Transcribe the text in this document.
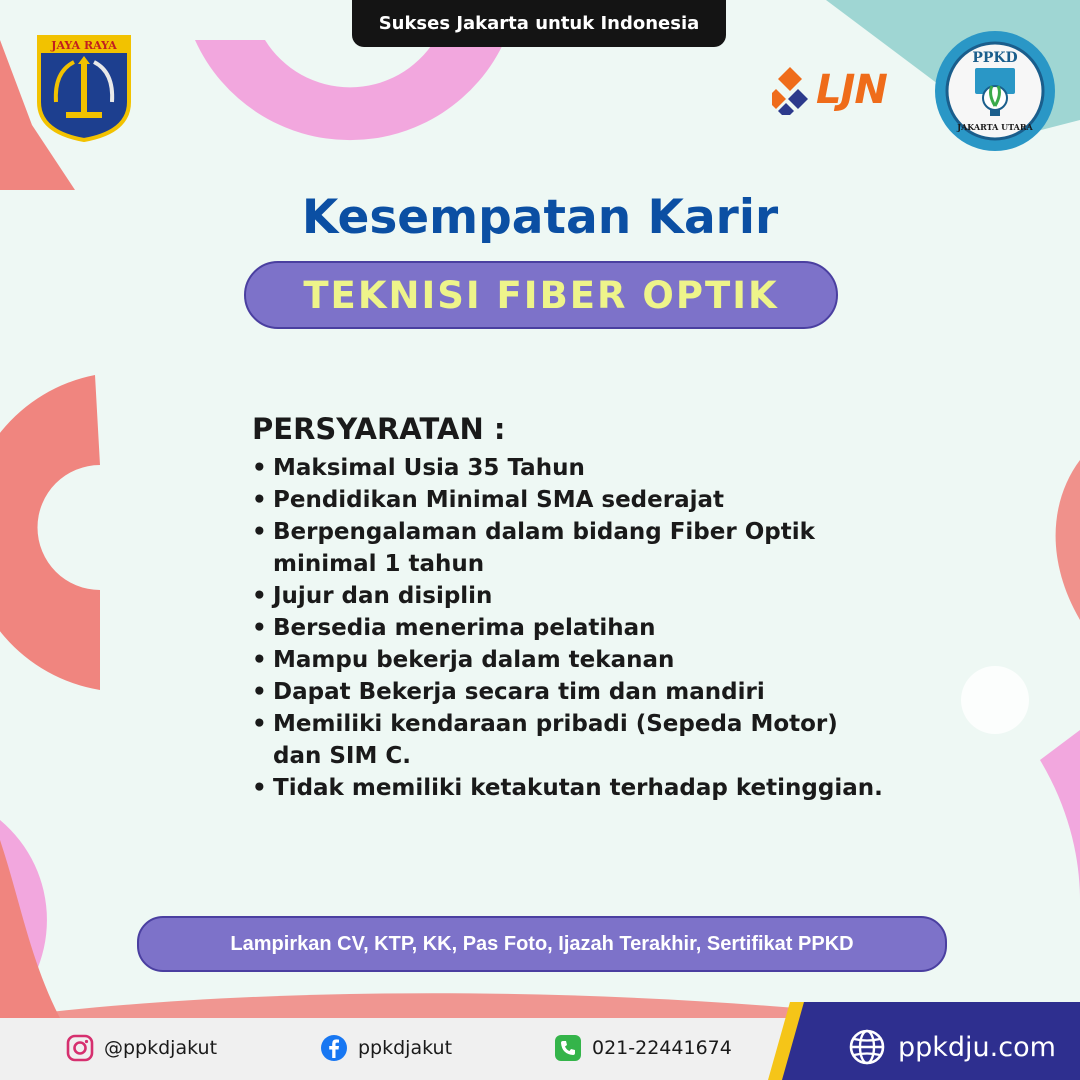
Sukses Jakarta untuk Indonesia
JAYA RAYA
LJN
PPKD
JAKARTA UTARA
Kesempatan Karir
TEKNISI FIBER OPTIK
PERSYARATAN :
• Maksimal Usia 35 Tahun
• Pendidikan Minimal SMA sederajat
• Berpengalaman dalam bidang Fiber Optik minimal 1 tahun
• Jujur dan disiplin
• Bersedia menerima pelatihan
• Mampu bekerja dalam tekanan
• Dapat Bekerja secara tim dan mandiri
• Memiliki kendaraan pribadi (Sepeda Motor) dan SIM C.
• Tidak memiliki ketakutan terhadap ketinggian.
Lampirkan CV, KTP, KK, Pas Foto, Ijazah Terakhir, Sertifikat PPKD
@ppkdjakut	ppkdjakut	021-22441674	ppkdju.com
